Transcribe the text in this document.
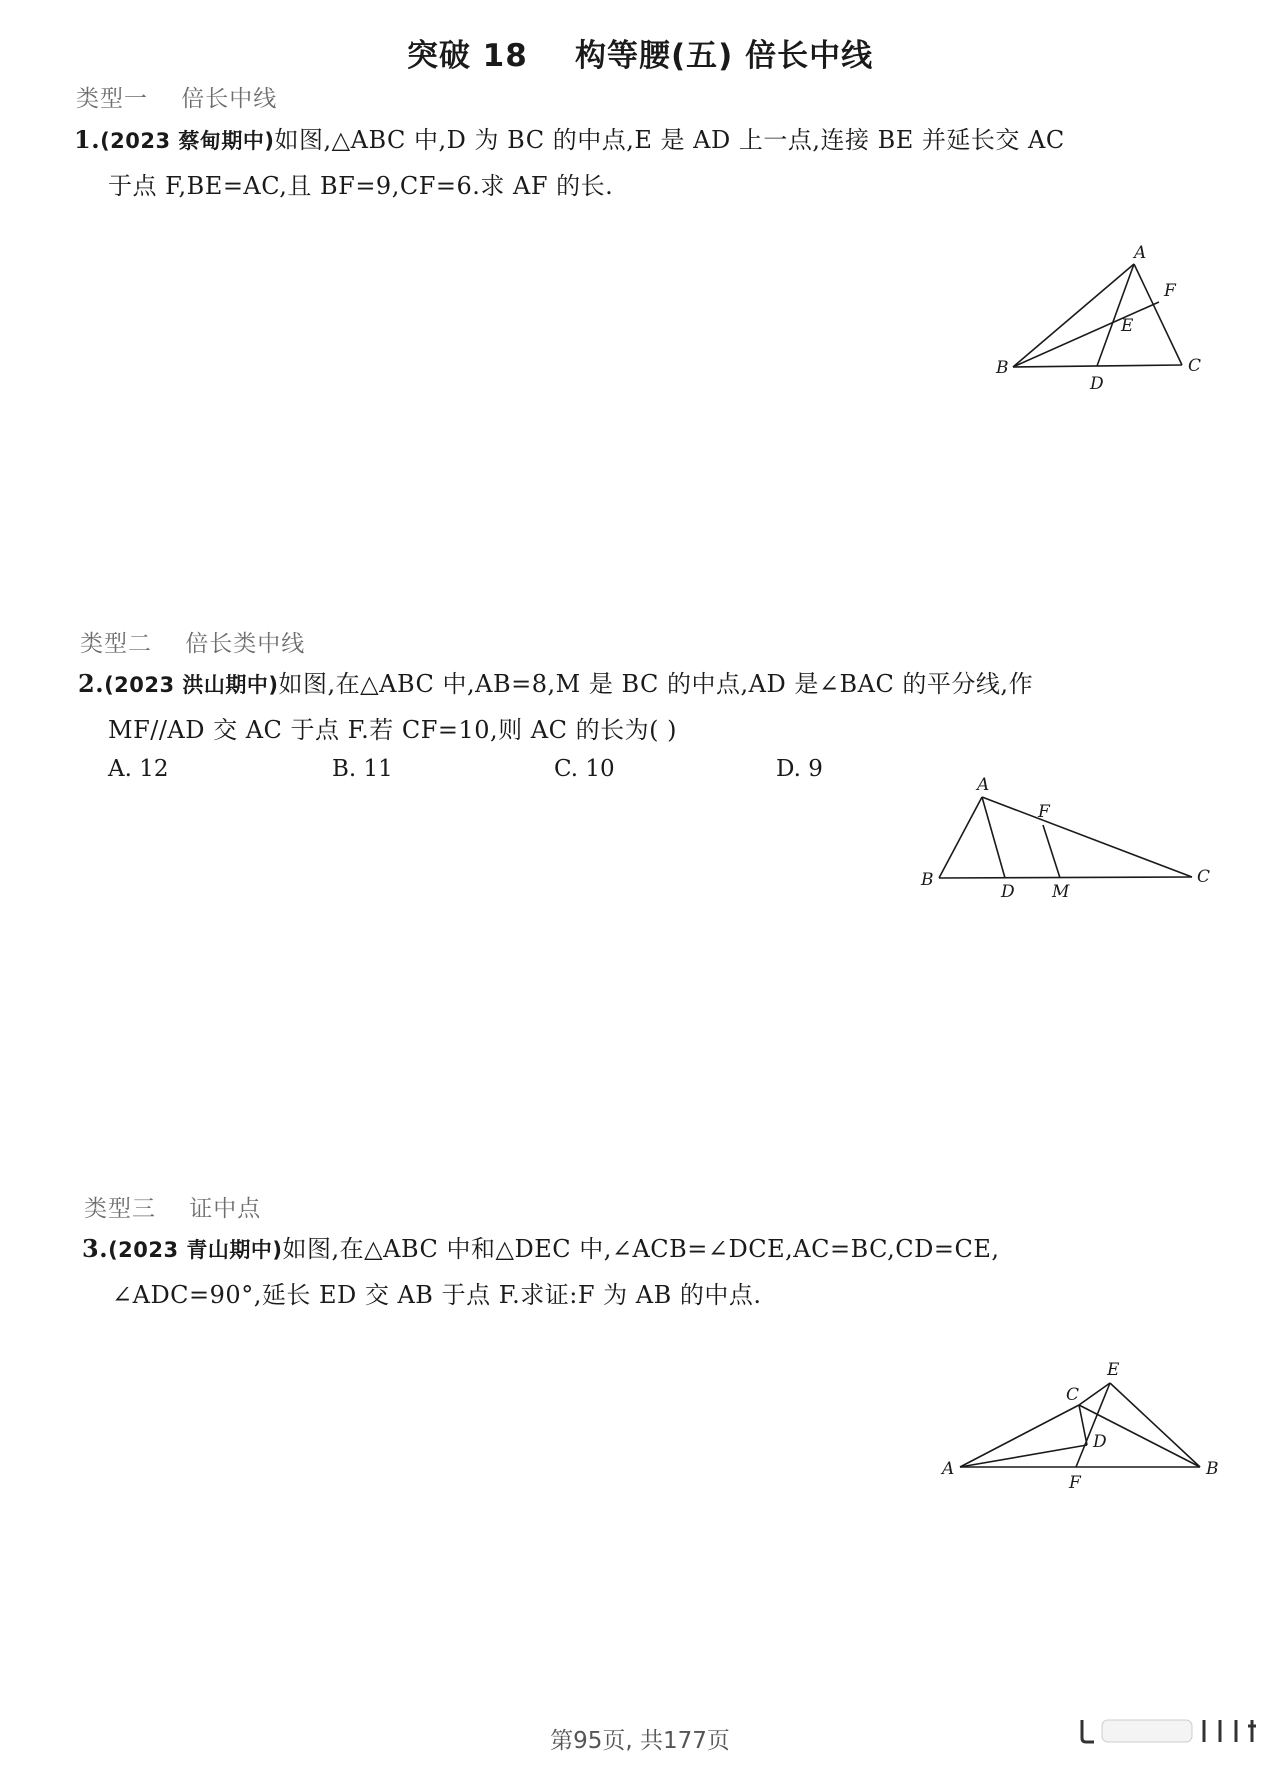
突破 18    构等腰(五) 倍长中线
类型一    倍长中线
1.(2023 蔡甸期中)如图,△ABC 中,D 为 BC 的中点,E 是 AD 上一点,连接 BE 并延长交 AC
于点 F,BE=AC,且 BF=9,CF=6.求 AF 的长.
A
B	C
D
E
F
类型二    倍长类中线
2.(2023 洪山期中)如图,在△ABC 中,AB=8,M 是 BC 的中点,AD 是∠BAC 的平分线,作
MF//AD 交 AC 于点 F.若 CF=10,则 AC 的长为( )
A. 12	B. 11	C. 10	D. 9
A
B	C
D M
F
类型三    证中点
3.(2023 青山期中)如图,在△ABC 中和△DEC 中,∠ACB=∠DCE,AC=BC,CD=CE,
∠ADC=90°,延长 ED 交 AB 于点 F.求证:F 为 AB 的中点.
A	B
C
D
E
F
第95页, 共177页
